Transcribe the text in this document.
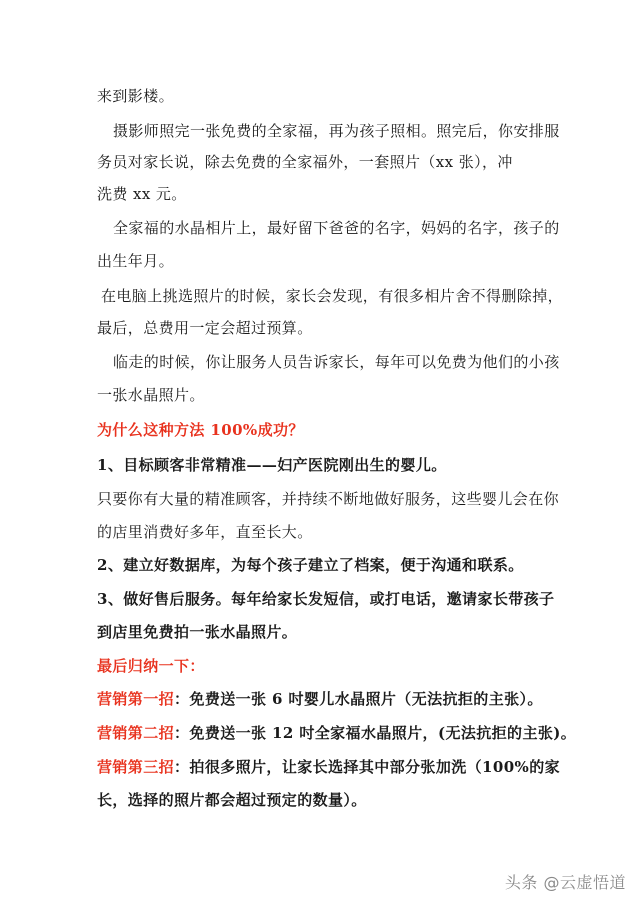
来到影楼。
摄影师照完一张免费的全家福，再为孩子照相。照完后，你安排服
务员对家长说，除去免费的全家福外，一套照片（xx 张），冲
洗费 xx 元。
全家福的水晶相片上，最好留下爸爸的名字，妈妈的名字，孩子的
出生年月。
在电脑上挑选照片的时候，家长会发现，有很多相片舍不得删除掉，
最后，总费用一定会超过预算。
临走的时候，你让服务人员告诉家长，每年可以免费为他们的小孩
一张水晶照片。
为什么这种方法 100%成功？
1、目标顾客非常精准——妇产医院刚出生的婴儿。
只要你有大量的精准顾客，并持续不断地做好服务，这些婴儿会在你
的店里消费好多年，直至长大。
2、建立好数据库，为每个孩子建立了档案，便于沟通和联系。
3、做好售后服务。每年给家长发短信，或打电话，邀请家长带孩子
到店里免费拍一张水晶照片。
最后归纳一下：
营销第一招：免费送一张 6 吋婴儿水晶照片（无法抗拒的主张）。
营销第二招：免费送一张 12 吋全家福水晶照片，(无法抗拒的主张)。
营销第三招：拍很多照片，让家长选择其中部分张加洗（100%的家
长，选择的照片都会超过预定的数量）。
头条 @云虚悟道
